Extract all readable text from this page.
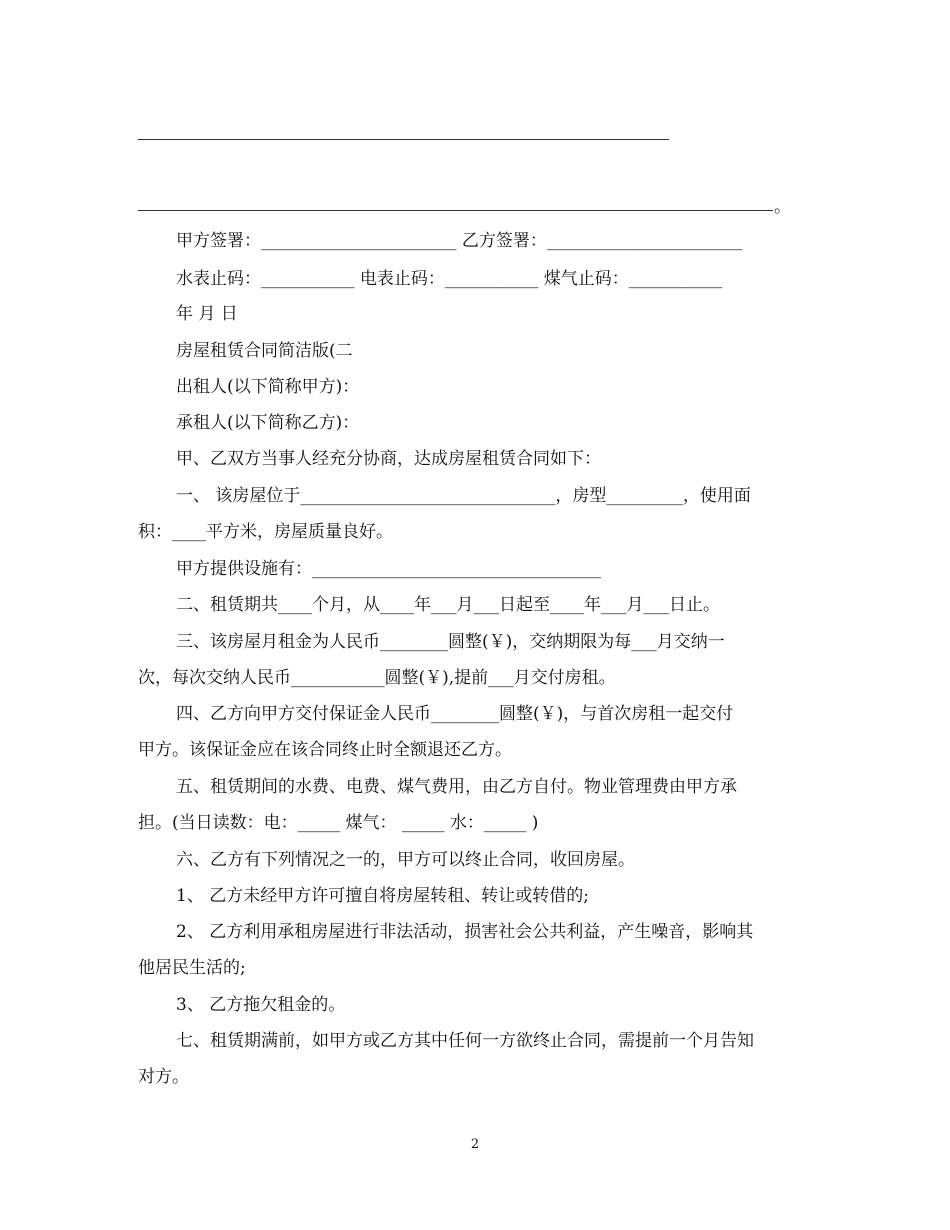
。

甲方签署：_______________________ 乙方签署：_______________________

水表止码：___________ 电表止码：___________ 煤气止码：___________

年 月 日

房屋租赁合同简洁版(二

出租人(以下简称甲方)：

承租人(以下简称乙方)：

甲、乙双方当事人经充分协商，达成房屋租赁合同如下：

一、 该房屋位于______________________________，房型_________，使用面

积：____平方米，房屋质量良好。

甲方提供设施有：__________________________________

二、租赁期共____个月，从____年___月___日起至____年___月___日止。

三、该房屋月租金为人民币________圆整(￥)，交纳期限为每___月交纳一

次，每次交纳人民币___________圆整(￥),提前___月交付房租。

四、乙方向甲方交付保证金人民币________圆整(￥)，与首次房租一起交付

甲方。该保证金应在该合同终止时全额退还乙方。

五、租赁期间的水费、电费、煤气费用，由乙方自付。物业管理费由甲方承

担。(当日读数：电：_____ 煤气： _____ 水：_____ )

六、乙方有下列情况之一的，甲方可以终止合同，收回房屋。

1、 乙方未经甲方许可擅自将房屋转租、转让或转借的;

2、 乙方利用承租房屋进行非法活动，损害社会公共利益，产生噪音，影响其

他居民生活的;

3、 乙方拖欠租金的。

七、租赁期满前，如甲方或乙方其中任何一方欲终止合同，需提前一个月告知

对方。

2
